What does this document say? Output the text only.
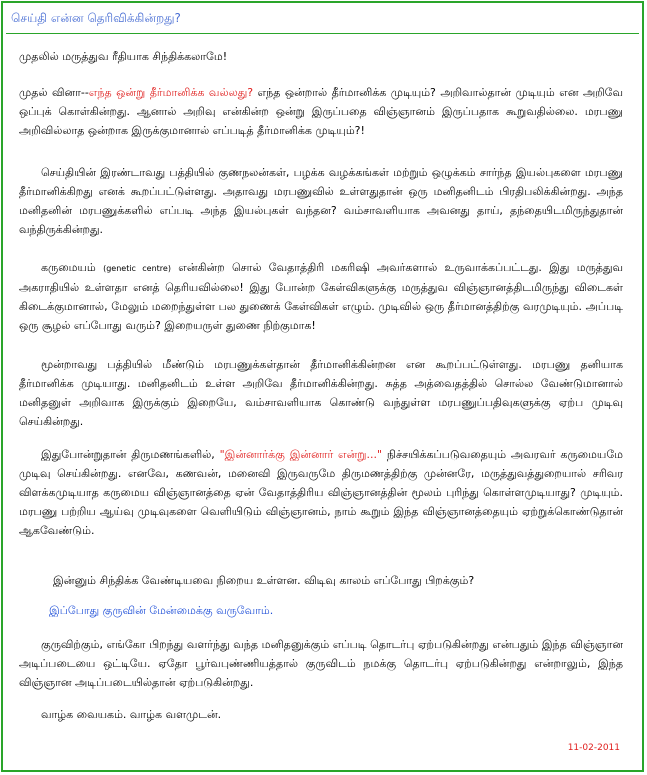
செய்தி என்ன தெரிவிக்கின்றது?

முதலில் மருத்துவ ரீதியாக சிந்திக்கலாமே!

முதல் வினா--எந்த ஒன்று தீர்மானிக்க வல்லது? எந்த ஒன்றால் தீர்மானிக்க முடியும்? அறிவால்தான் முடியும் என அறிவே ஒப்புக் கொள்கின்றது. ஆனால் அறிவு என்கின்ற ஒன்று இருப்பதை விஞ்ஞானம் இருப்பதாக கூறுவதில்லை. மரபணு அறிவில்லாத ஒன்றாக இருக்குமானால் எப்படித் தீர்மானிக்க முடியும்?!

செய்தியின் இரண்டாவது பத்தியில் குணநலன்கள், பழக்க வழக்கங்கள் மற்றும் ஒழுக்கம் சார்ந்த இயல்புகளை மரபணு தீர்மானிக்கிறது எனக் கூறப்பட்டுள்ளது. அதாவது மரபணுவில் உள்ளதுதான் ஒரு மனிதனிடம் பிரதிபலிக்கின்றது. அந்த மனிதனின் மரபணுக்களில் எப்படி அந்த இயல்புகள் வந்தன? வம்சாவளியாக அவனது தாய், தந்தையிடமிருந்துதான் வந்திருக்கின்றது.

கருமையம் (genetic centre) என்கின்ற சொல் வேதாத்திரி மகரிஷி அவர்களால் உருவாக்கப்பட்டது. இது மருத்துவ அகராதியில் உள்ளதா எனத் தெரியவில்லை! இது போன்ற கேள்விகளுக்கு மருத்துவ விஞ்ஞானத்திடமிருந்து விடைகள் கிடைக்குமானால், மேலும் மறைந்துள்ள பல துணைக் கேள்விகள் எழும். முடிவில் ஒரு தீர்மானத்திற்கு வரமுடியும். அப்படி ஒரு சூழல் எப்போது வரும்? இறையருள் துணை நிற்குமாக!

மூன்றாவது பத்தியில் மீண்டும் மரபணுக்கள்தான் தீர்மானிக்கின்றன என கூறப்பட்டுள்ளது. மரபணு தனியாக தீர்மானிக்க முடியாது. மனிதனிடம் உள்ள அறிவே தீர்மானிக்கின்றது. சுத்த அத்வைதத்தில் சொல்ல வேண்டுமானால் மனிதனுள் அறிவாக இருக்கும் இறையே, வம்சாவளியாக கொண்டு வந்துள்ள மரபணுப்பதிவுகளுக்கு ஏற்ப முடிவு செய்கின்றது.

இதுபோன்றுதான் திருமணங்களில், "இன்னார்க்கு இன்னார் என்று..." நிச்சயிக்கப்படுவதையும் அவரவர் கருமையமே முடிவு செய்கின்றது. எனவே, கணவன், மனைவி இருவருமே திருமணத்திற்கு முன்னரே, மருத்துவத்துறையால் சரிவர விளக்கமுடியாத கருமைய விஞ்ஞானத்தை ஏன் வேதாத்திரிய விஞ்ஞானத்தின் மூலம் புரிந்து கொள்ளமுடியாது? முடியும். மரபணு பற்றிய ஆய்வு முடிவுகளை வெளியிடும் விஞ்ஞானம், நாம் கூறும் இந்த விஞ்ஞானத்தையும் ஏற்றுக்கொண்டுதான் ஆகவேண்டும்.

இன்னும் சிந்திக்க வேண்டியவை நிறைய உள்ளன. விடிவு காலம் எப்போது பிறக்கும்?

இப்போது குருவின் மேன்மைக்கு வருவோம்.

குருவிற்கும், எங்கோ பிறந்து வளர்ந்து வந்த மனிதனுக்கும் எப்படி தொடர்பு ஏற்படுகின்றது என்பதும் இந்த விஞ்ஞான அடிப்படையை ஒட்டியே. ஏதோ பூர்வபுண்ணியத்தால் குருவிடம் நமக்கு தொடர்பு ஏற்படுகின்றது என்றாலும், இந்த விஞ்ஞான அடிப்படையில்தான் ஏற்படுகின்றது.

வாழ்க வையகம். வாழ்க வளமுடன்.

11-02-2011
